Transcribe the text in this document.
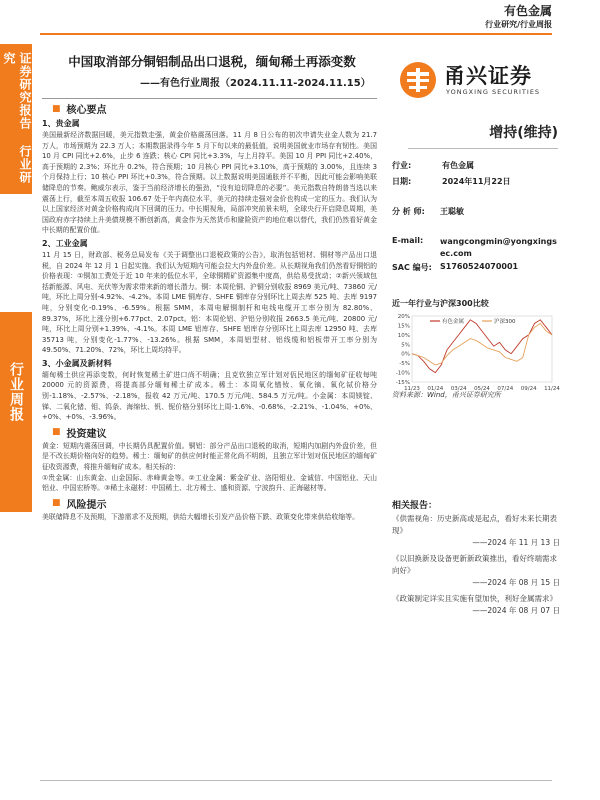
有色金属
行业研究/行业周报
证券研究报告 行业研究
行业周报
中国取消部分铜铝制品出口退税，缅甸稀土再添变数
——有色行业周报（2024.11.11-2024.11.15）	甬兴证券
YONGXING SECURITIES
增持(维持)
行业:	有色金属
日期:	2024年11月22日
分 析 师:	王聪敏
E-mail:	wangcongmin@yongxingsec.com
SAC 编号: S1760524070001
近一年行业与沪深300比较
20%
15%
10%
5%
0%
-5%
-10%
-15%
11/23 01/24 03/24 05/24 07/24 09/24 11/24
有色金属	沪深300
资料来源：Wind，甬兴证券研究所
相关报告：
《供需视角：历史新高或是起点，看好未来长期表现》
——2024 年 11 月 13 日
《以旧换新及设备更新新政策推出，看好终端需求向好》
——2024 年 08 月 15 日
《政策制定详实且实施有望加快，利好金属需求》
——2024 年 08 月 07 日
■ 核心要点
1、贵金属

美国最新经济数据回暖，美元指数走强，黄金价格震荡回落。11 月 8 日公布的初次申请失业金人数为 21.7 万人，市场预期为 22.3 万人；本期数据录得今年 5 月下旬以来的最低值，说明美国就业市场存有韧性。美国 10 月 CPI 同比+2.6%，止步 6 连跌；核心 CPI 同比+3.3%，与上月持平。美国 10 月 PPI 同比+2.40%，高于预期的 2.3%；环比升 0.2%，符合预期；10 月核心 PPI 同比+3.10%，高于预期的 3.00%，且连续 3 个月保持上行；10 核心 PPI 环比+0.3%，符合预期。以上数据说明美国通胀并不平衡，因此可能会影响美联储降息的节奏。鲍威尔表示，鉴于当前经济增长的强劲，“没有迫切降息的必要”。美元指数自特朗普当选以来震荡上行，截至本周五收报 106.67 处于年内高位水平，美元的持续走强对金价也构成一定的压力。我们认为以上国家经济对黄金价格构成向下回调的压力。中长期视角，局部冲突前景未明，全球央行开启降息周期，美国政府赤字持续上升美债规模不断创新高，黄金作为天然货币和避险资产的地位难以替代，我们仍然看好黄金中长期的配置价值。

2、工业金属

11 月 15 日，财政部、税务总局发布《关于调整出口退税政策的公告》，取消包括铝材、铜材等产品出口退税，自 2024 年 12 月 1 日起实施。我们认为短期内可能会拉大内外盘价差。从长期视角我们仍然看好铜铝的价格表现：①铜加工费处于近 10 年来的低位水平，全球铜精矿资源集中度高，供给易受扰动；②新兴领域包括新能源、风电、光伏等为需求带来新的增长潜力。铜：本周伦铜、沪铜分别收报 8969 美元/吨、73860 元/吨，环比上周分别-4.92%、-4.2%。本周 LME 铜库存、SHFE 铜库存分别环比上周去库 525 吨、去库 9197 吨，分别变化-0.19%、-6.59%。根据 SMM，本周电解铜制杆和电线电缆开工率分别为 82.80%、89.37%，环比上涨分别+6.77pct、2.07pct。铝：本周伦铝、沪铝分别收报 2663.5 美元/吨、20800 元/吨，环比上周分别+1.39%、-4.1%。本周 LME 铝库存、SHFE 铝库存分别环比上周去库 12950 吨、去库 35713 吨，分别变化-1.77%、-13.26%。根据 SMM，本周铝型材、铝线缆和铝板带开工率分别为 49.50%、71.20%、72%，环比上周均持平。

3、小金属及新材料

缅甸稀土供应再添变数，何时恢复稀土矿进口尚不明确；且克钦独立军计划对佤民地区的缅甸矿征收每吨 20000 元的资源费，将提高部分缅甸稀土矿成本。稀土：本周氧化镨钕、氧化镝、氧化铽价格分别-1.18%、-2.57%、-2.18%，报收 42 万元/吨、170.5 万元/吨、584.5 万元/吨。小金属：本周镁锭、锑、二氧化锗、钼、钨条、海绵钛、钒、铌价格分别环比上周-1.6%、-0.68%、-2.21%、-1.04%、+0%、+0%、+0%、-3.96%。

■ 投资建议

黄金：短期内震荡回调，中长期仍具配置价值。铜铝：部分产品出口退税的取消，短期内加剧内外盘价差，但是不改长期价格向好的趋势。稀土：缅甸矿的供应何时能正常化尚不明朗，且独立军计划对佤民地区的缅甸矿征收资源费，将推升缅甸矿成本。相关标的：

①贵金属：山东黄金、山金国际、赤峰黄金等。②工业金属：紫金矿业、洛阳钼业、金诚信、中国铝业、天山铝业、中国宏桥等。③稀土永磁材：中国稀土、北方稀土、盛和资源、宁波韵升、正海磁材等。

■ 风险提示

美联储降息不及预期，下游需求不及预期，供给大幅增长引发产品价格下跌、政策变化带来供给收缩等。
